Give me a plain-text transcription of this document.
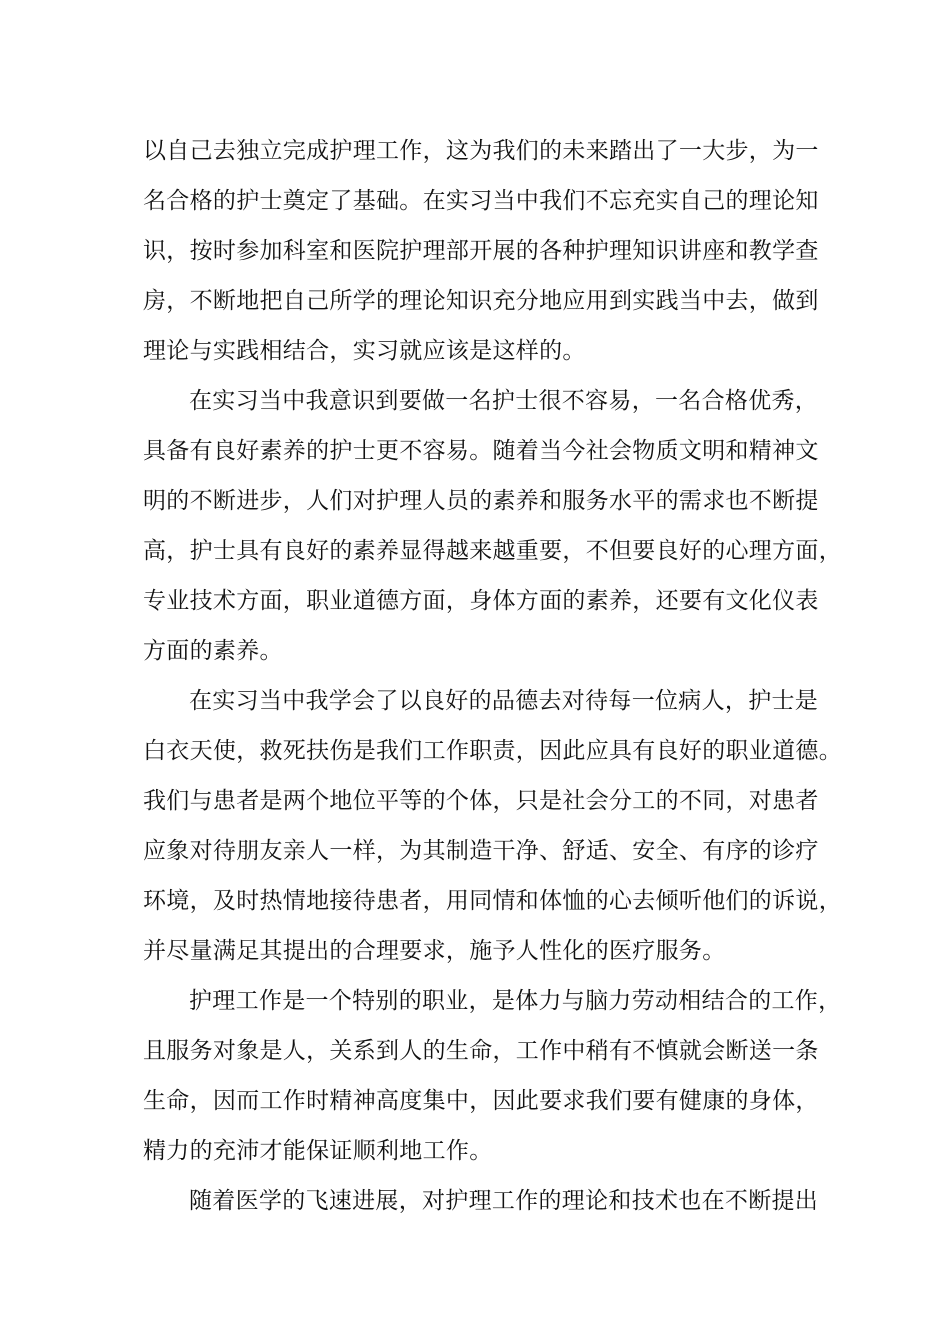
以自己去独立完成护理工作，这为我们的未来踏出了一大步，为一
名合格的护士奠定了基础。在实习当中我们不忘充实自己的理论知
识，按时参加科室和医院护理部开展的各种护理知识讲座和教学查
房，不断地把自己所学的理论知识充分地应用到实践当中去，做到
理论与实践相结合，实习就应该是这样的。
在实习当中我意识到要做一名护士很不容易，一名合格优秀，
具备有良好素养的护士更不容易。随着当今社会物质文明和精神文
明的不断进步，人们对护理人员的素养和服务水平的需求也不断提
高，护士具有良好的素养显得越来越重要，不但要良好的心理方面，
专业技术方面，职业道德方面，身体方面的素养，还要有文化仪表
方面的素养。
在实习当中我学会了以良好的品德去对待每一位病人，护士是
白衣天使，救死扶伤是我们工作职责，因此应具有良好的职业道德。
我们与患者是两个地位平等的个体，只是社会分工的不同，对患者
应象对待朋友亲人一样，为其制造干净、舒适、安全、有序的诊疗
环境，及时热情地接待患者，用同情和体恤的心去倾听他们的诉说，
并尽量满足其提出的合理要求，施予人性化的医疗服务。
护理工作是一个特别的职业，是体力与脑力劳动相结合的工作，
且服务对象是人，关系到人的生命，工作中稍有不慎就会断送一条
生命，因而工作时精神高度集中，因此要求我们要有健康的身体，
精力的充沛才能保证顺利地工作。
随着医学的飞速进展，对护理工作的理论和技术也在不断提出
